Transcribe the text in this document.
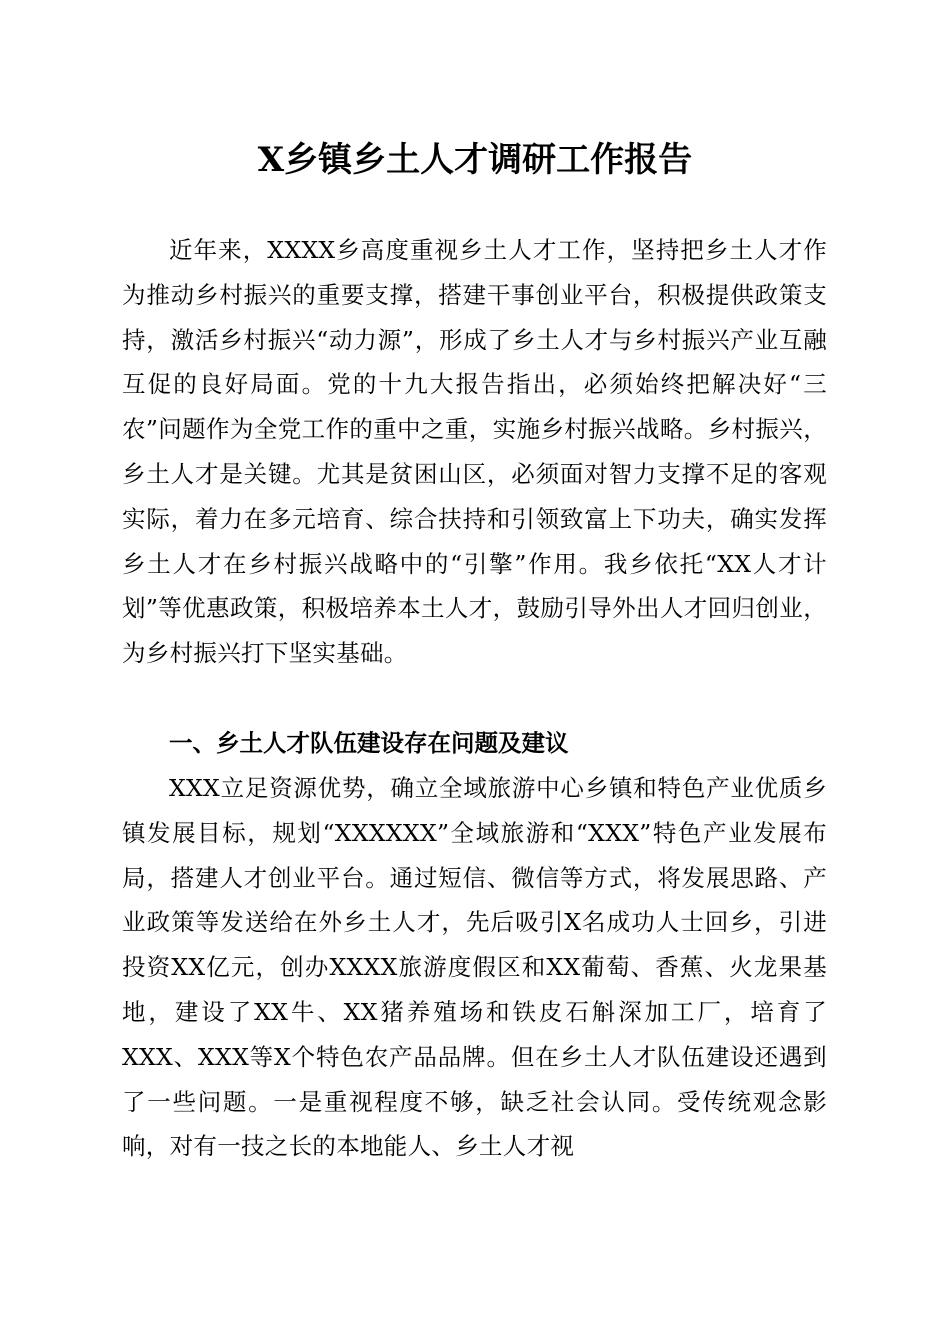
X乡镇乡土人才调研工作报告

近年来，XXXX乡高度重视乡土人才工作，坚持把乡土人才作为推动乡村振兴的重要支撑，搭建干事创业平台，积极提供政策支持，激活乡村振兴“动力源”，形成了乡土人才与乡村振兴产业互融互促的良好局面。党的十九大报告指出，必须始终把解决好“三农”问题作为全党工作的重中之重，实施乡村振兴战略。乡村振兴，乡土人才是关键。尤其是贫困山区，必须面对智力支撑不足的客观实际，着力在多元培育、综合扶持和引领致富上下功夫，确实发挥乡土人才在乡村振兴战略中的“引擎”作用。我乡依托“XX人才计划”等优惠政策，积极培养本土人才，鼓励引导外出人才回归创业，为乡村振兴打下坚实基础。

一、乡土人才队伍建设存在问题及建议

XXX立足资源优势，确立全域旅游中心乡镇和特色产业优质乡镇发展目标，规划“XXXXXX”全域旅游和“XXX”特色产业发展布局，搭建人才创业平台。通过短信、微信等方式，将发展思路、产业政策等发送给在外乡土人才，先后吸引X名成功人士回乡，引进投资XX亿元，创办XXXX旅游度假区和XX葡萄、香蕉、火龙果基地，建设了XX牛、XX猪养殖场和铁皮石斛深加工厂，培育了XXX、XXX等X个特色农产品品牌。但在乡土人才队伍建设还遇到了一些问题。一是重视程度不够，缺乏社会认同。受传统观念影响，对有一技之长的本地能人、乡土人才视
